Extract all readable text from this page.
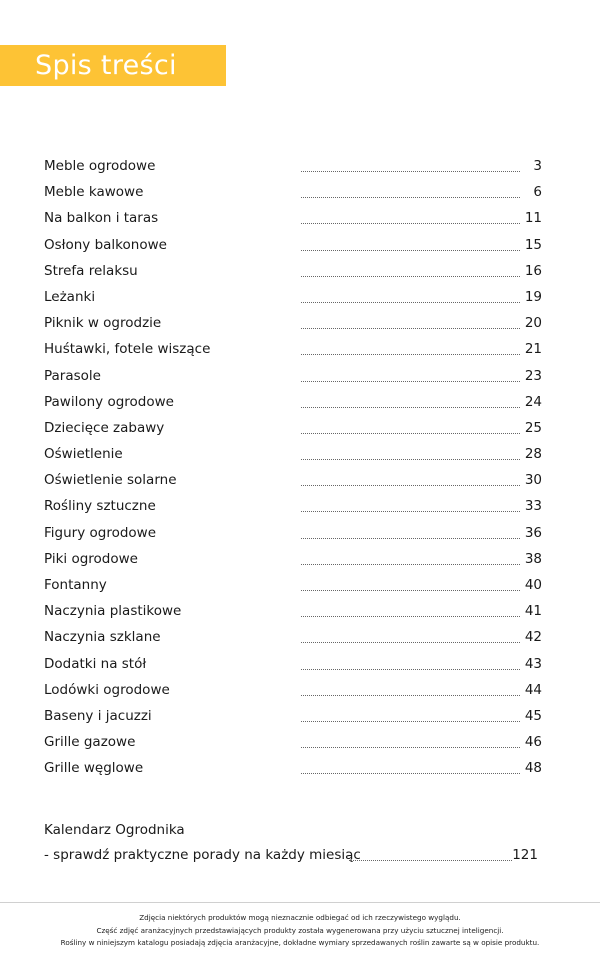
Spis treści
Meble ogrodowe	3
Meble kawowe	6
Na balkon i taras	11
Osłony balkonowe	15
Strefa relaksu	16
Leżanki	19
Piknik w ogrodzie	20
Huśtawki, fotele wiszące	21
Parasole	23
Pawilony ogrodowe	24
Dziecięce zabawy	25
Oświetlenie	28
Oświetlenie solarne	30
Rośliny sztuczne	33
Figury ogrodowe	36
Piki ogrodowe	38
Fontanny	40
Naczynia plastikowe	41
Naczynia szklane	42
Dodatki na stół	43
Lodówki ogrodowe	44
Baseny i jacuzzi	45
Grille gazowe	46
Grille węglowe	48
Kalendarz Ogrodnika
- sprawdź praktyczne porady na każdy miesiąc	121
Zdjęcia niektórych produktów mogą nieznacznie odbiegać od ich rzeczywistego wyglądu.
Część zdjęć aranżacyjnych przedstawiających produkty została wygenerowana przy użyciu sztucznej inteligencji.
Rośliny w niniejszym katalogu posiadają zdjęcia aranżacyjne, dokładne wymiary sprzedawanych roślin zawarte są w opisie produktu.
